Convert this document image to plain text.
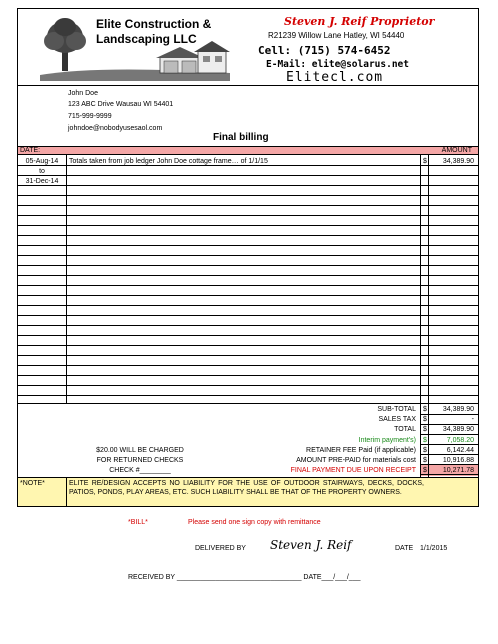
Elite Construction &
Landscaping LLC
Steven J. Reif Proprietor
R21239 Willow Lane Hatley, WI 54440
Cell: (715) 574-6452
E-Mail: elite@solarus.net
Elitecl.com
John Doe
123 ABC Drive Wausau WI 54401
715-999-9999
johndoe@nobodyusesaol.com
Final billing
DATE:	AMOUNT
05-Aug-14	Totals taken from job ledger John Doe cottage frame… of 1/1/15	$	34,389.90
to
31-Dec-14
SUB-TOTAL $	34,389.90
SALES TAX $	-
TOTAL $	34,389.90
Interim payment's) $	7,058.20
RETAINER FEE Paid (if applicable) $	6,142.44
AMOUNT PRE-PAID for materials cost $	10,916.88
FINAL PAYMENT DUE UPON RECEIPT $	10,271.78
$20.00 WILL BE CHARGED
FOR RETURNED CHECKS
CHECK #________
*NOTE*	ELITE RE/DESIGN ACCEPTS NO LIABILITY FOR THE USE OF OUTDOOR STAIRWAYS, DECKS, DOCKS, PATIOS, PONDS, PLAY AREAS, ETC. SUCH LIABILITY SHALL BE THAT OF THE PROPERTY OWNERS.
*BILL*	Please send one sign copy with remittance
DELIVERED BY Steven J. Reif	DATE 1/1/2015
RECEIVED BY ________________________________ DATE___/___/___
